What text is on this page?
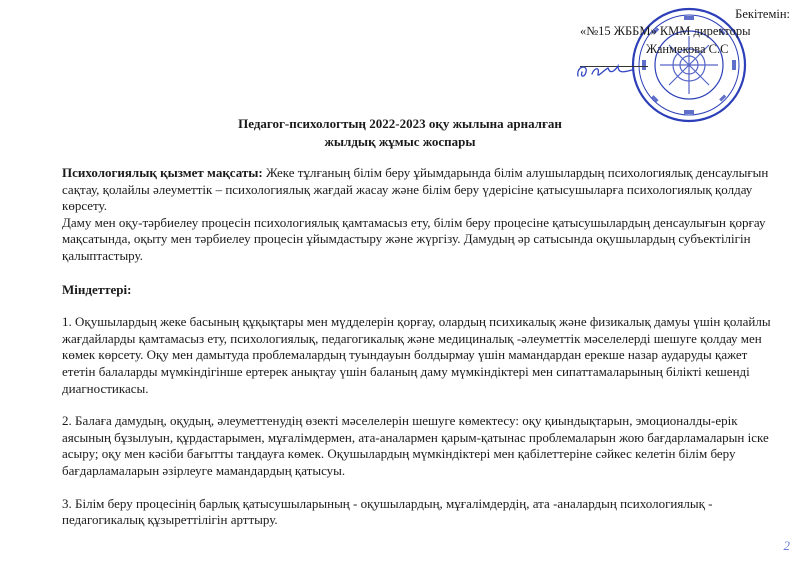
Бекітемін:
«№15 ЖББМ» КММ директоры
Жанмекова С.С
Педагог-психологтың 2022-2023 оқу жылына арналған
жылдық жұмыс жоспары

Психологиялық қызмет мақсаты: Жеке тұлғаның білім беру ұйымдарында білім алушылардың психологиялық денсаулығын сақтау, қолайлы әлеуметтік – психологиялық жағдай жасау және білім беру үдерісіне қатысушыларға психологиялық қолдау көрсету.

Даму мен оқу-тәрбиелеу процесін психологиялық қамтамасыз ету, білім беру процесіне қатысушылардың денсаулығын қорғау мақсатында, оқыту мен тәрбиелеу процесін ұйымдастыру және жүргізу. Дамудың әр сатысында оқушылардың субъектілігін қалыптастыру.

Міндеттері:

1. Оқушылардың жеке басының құқықтары мен мүдделерін қорғау, олардың психикалық және физикалық дамуы үшін қолайлы жағдайларды қамтамасыз ету, психологиялық, педагогикалық және медициналық -әлеуметтік мәселелерді шешуге қолдау мен көмек көрсету. Оқу мен дамытуда проблемалардың туындауын болдырмау үшін мамандардан ерекше назар аударуды қажет ететін балаларды мүмкіндігінше ертерек анықтау үшін баланың даму мүмкіндіктері мен сипаттамаларының білікті кешенді диагностикасы.

2. Балаға дамудың, оқудың, әлеуметтенудің өзекті мәселелерін шешуге көмектесу: оқу қиындықтарын, эмоционалды-ерік аясының бұзылуын, құрдастарымен, мұғалімдермен, ата-аналармен қарым-қатынас проблемаларын жою бағдарламаларын іске асыру; оқу мен кәсіби бағытты таңдауға көмек. Оқушылардың мүмкіндіктері мен қабілеттеріне сәйкес келетін білім беру бағдарламаларын әзірлеуге мамандардың қатысуы.

3. Білім беру процесінің барлық қатысушыларының - оқушылардың, мұғалімдердің, ата -аналардың психологиялық - педагогикалық құзыреттілігін арттыру.

2
